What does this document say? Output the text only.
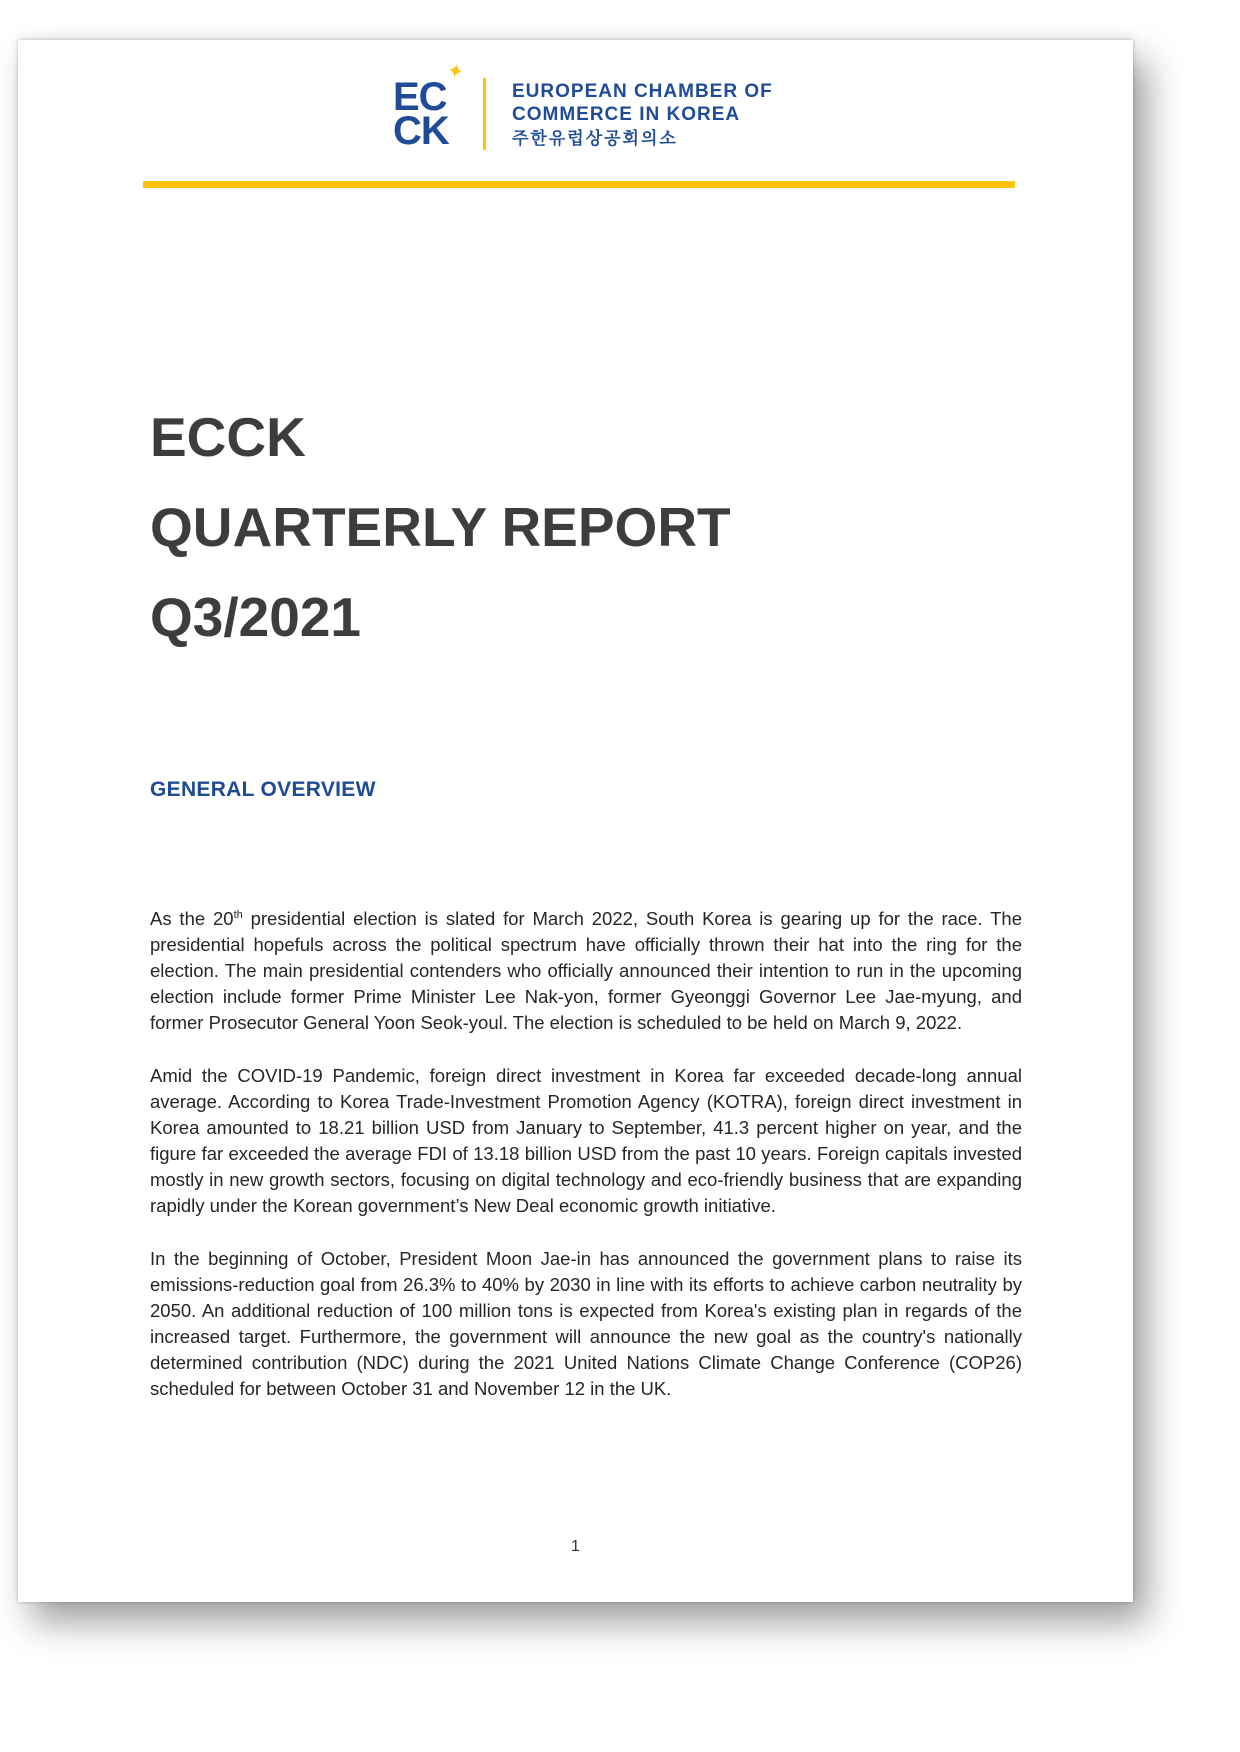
EC
CK
✦
EUROPEAN CHAMBER OF
COMMERCE IN KOREA
주한유럽상공회의소
ECCK
QUARTERLY REPORT
Q3/2021
GENERAL OVERVIEW

As the 20th presidential election is slated for March 2022, South Korea is gearing up for the race. The presidential hopefuls across the political spectrum have officially thrown their hat into the ring for the election. The main presidential contenders who officially announced their intention to run in the upcoming election include former Prime Minister Lee Nak-yon, former Gyeonggi Governor Lee Jae-myung, and former Prosecutor General Yoon Seok-youl. The election is scheduled to be held on March 9, 2022.

Amid the COVID-19 Pandemic, foreign direct investment in Korea far exceeded decade-long annual average. According to Korea Trade-Investment Promotion Agency (KOTRA), foreign direct investment in Korea amounted to 18.21 billion USD from January to September, 41.3 percent higher on year, and the figure far exceeded the average FDI of 13.18 billion USD from the past 10 years. Foreign capitals invested mostly in new growth sectors, focusing on digital technology and eco-friendly business that are expanding rapidly under the Korean government’s New Deal economic growth initiative.

In the beginning of October, President Moon Jae-in has announced the government plans to raise its emissions-reduction goal from 26.3% to 40% by 2030 in line with its efforts to achieve carbon neutrality by 2050. An additional reduction of 100 million tons is expected from Korea's existing plan in regards of the increased target. Furthermore, the government will announce the new goal as the country's nationally determined contribution (NDC) during the 2021 United Nations Climate Change Conference (COP26) scheduled for between October 31 and November 12 in the UK.

1
